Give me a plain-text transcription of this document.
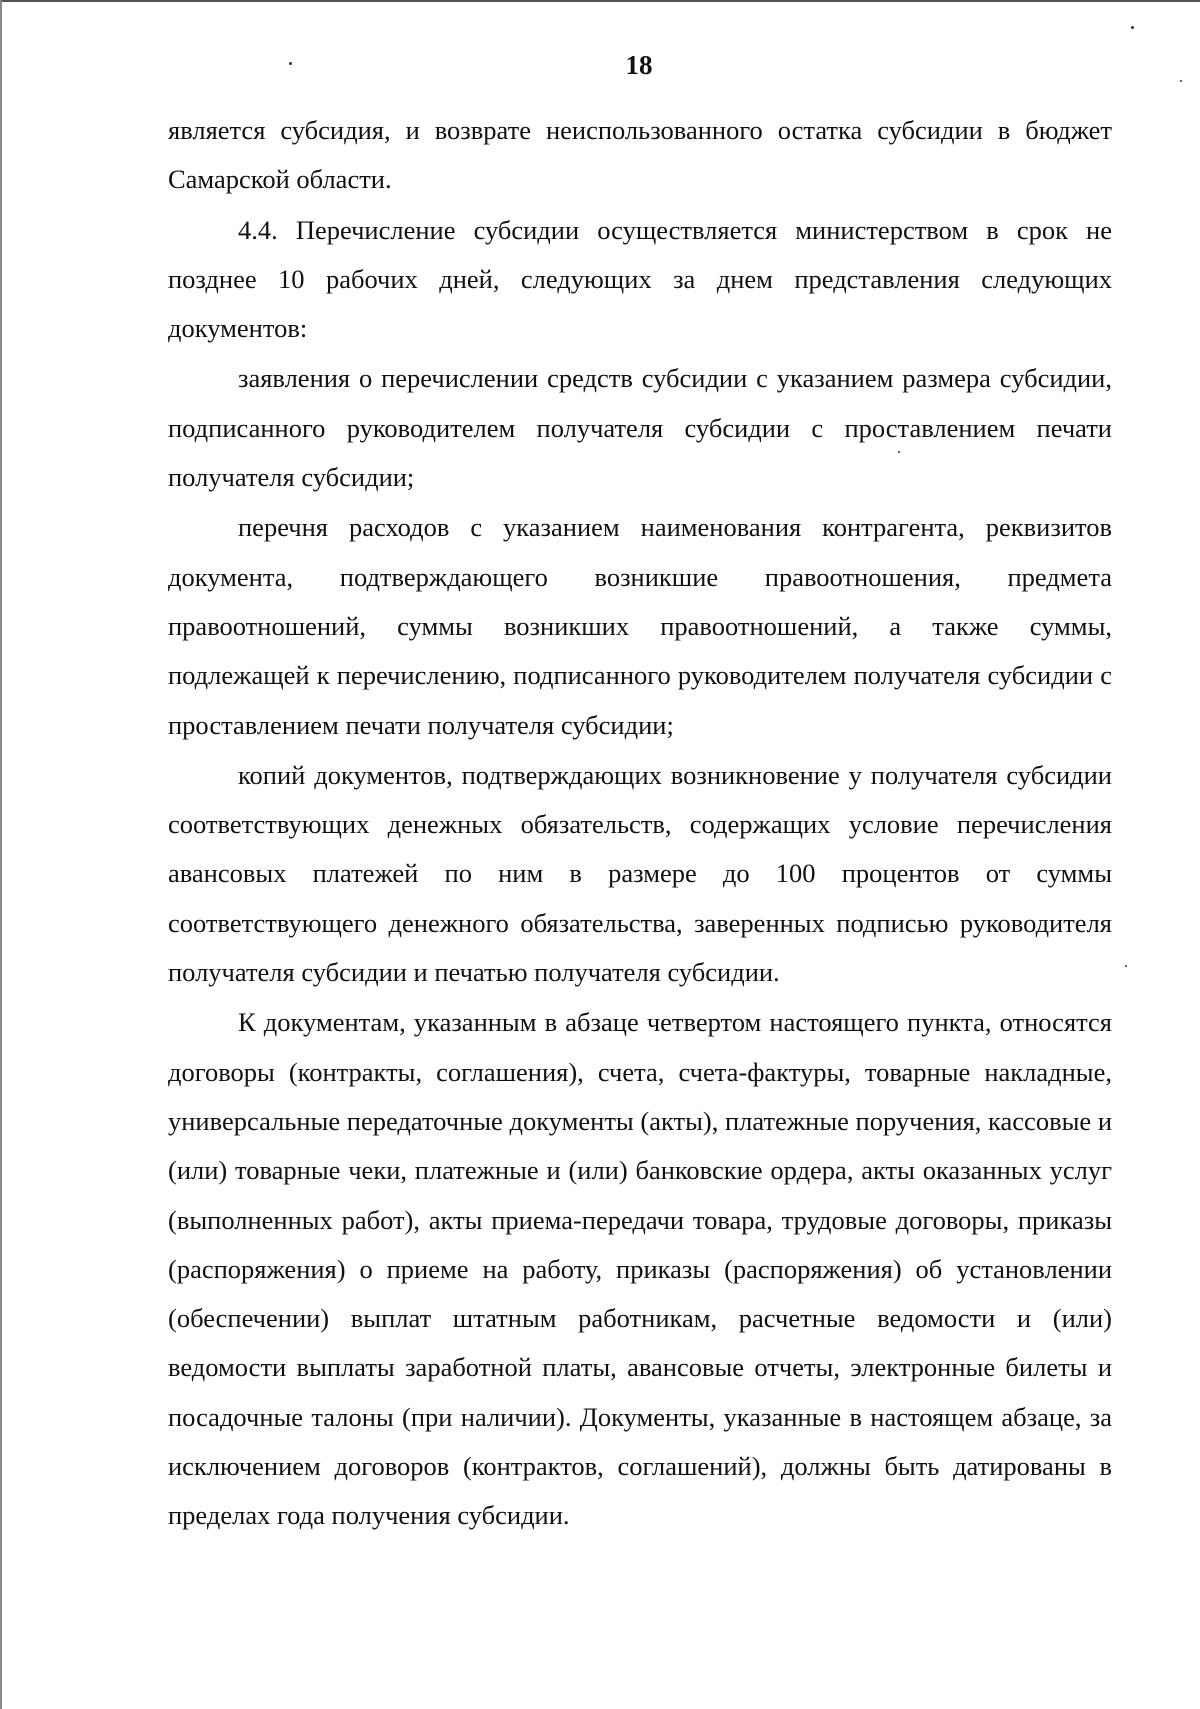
18

является субсидия, и возврате неиспользованного остатка субсидии в бюджет Самарской области.

4.4. Перечисление субсидии осуществляется министерством в срок не позднее 10 рабочих дней, следующих за днем представления следующих документов:

заявления о перечислении средств субсидии с указанием размера субсидии, подписанного руководителем получателя субсидии с проставлением печати получателя субсидии;

перечня расходов с указанием наименования контрагента, реквизитов документа, подтверждающего возникшие правоотношения, предмета правоотношений, суммы возникших правоотношений, а также суммы, подлежащей к перечислению, подписанного руководителем получателя субсидии с проставлением печати получателя субсидии;

копий документов, подтверждающих возникновение у получателя субсидии соответствующих денежных обязательств, содержащих условие перечисления авансовых платежей по ним в размере до 100 процентов от суммы соответствующего денежного обязательства, заверенных подписью руководителя получателя субсидии и печатью получателя субсидии.

К документам, указанным в абзаце четвертом настоящего пункта, относятся договоры (контракты, соглашения), счета, счета-фактуры, товарные накладные, универсальные передаточные документы (акты), платежные поручения, кассовые и (или) товарные чеки, платежные и (или) банковские ордера, акты оказанных услуг (выполненных работ), акты приема-передачи товара, трудовые договоры, приказы (распоряжения) о приеме на работу, приказы (распоряжения) об установлении (обеспечении) выплат штатным работникам, расчетные ведомости и (или) ведомости выплаты заработной платы, авансовые отчеты, электронные билеты и посадочные талоны (при наличии). Документы, указанные в настоящем абзаце, за исключением договоров (контрактов, соглашений), должны быть датированы в пределах года получения субсидии.
